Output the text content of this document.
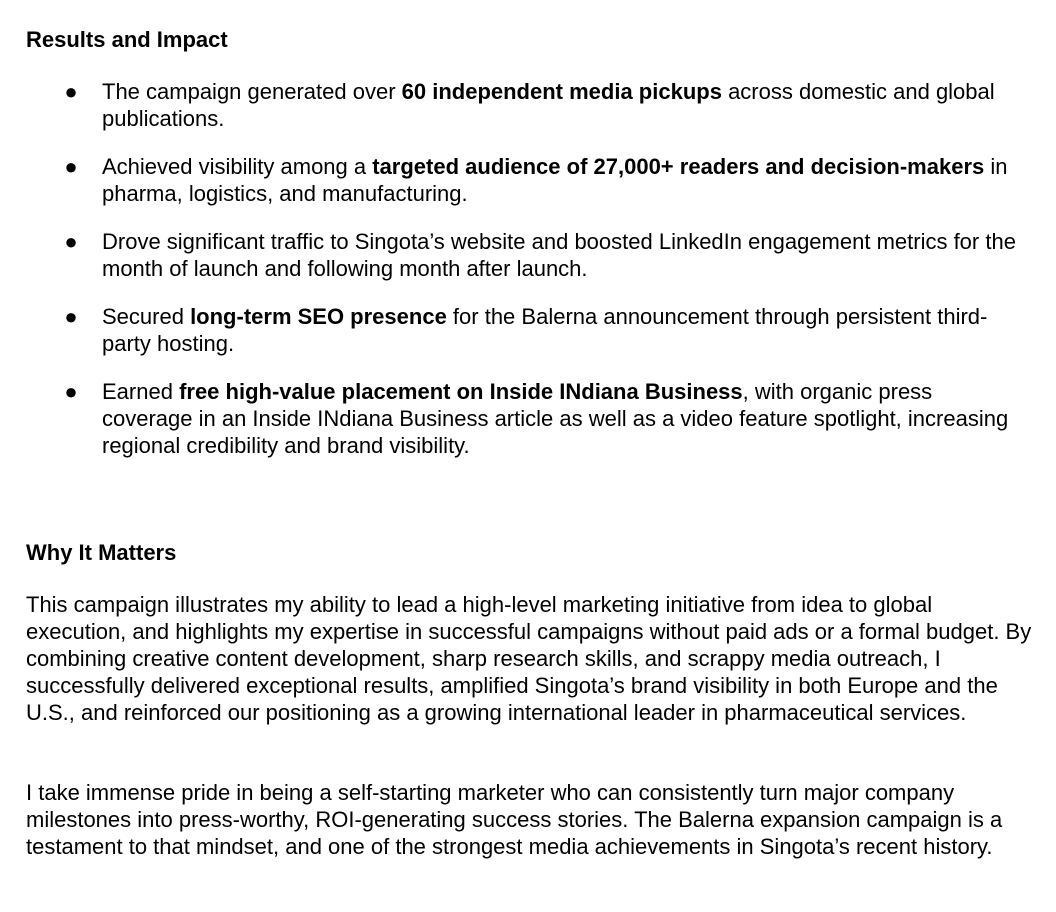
Results and Impact
● The campaign generated over 60 independent media pickups across domestic and global publications.
● Achieved visibility among a targeted audience of 27,000+ readers and decision-makers in pharma, logistics, and manufacturing.
● Drove significant traffic to Singota’s website and boosted LinkedIn engagement metrics for the month of launch and following month after launch.
● Secured long-term SEO presence for the Balerna announcement through persistent third-party hosting.
● Earned free high-value placement on Inside INdiana Business, with organic press coverage in an Inside INdiana Business article as well as a video feature spotlight, increasing regional credibility and brand visibility.
Why It Matters

This campaign illustrates my ability to lead a high-level marketing initiative from idea to global execution, and highlights my expertise in successful campaigns without paid ads or a formal budget. By combining creative content development, sharp research skills, and scrappy media outreach, I successfully delivered exceptional results, amplified Singota’s brand visibility in both Europe and the U.S., and reinforced our positioning as a growing international leader in pharmaceutical services.

I take immense pride in being a self-starting marketer who can consistently turn major company milestones into press-worthy, ROI-generating success stories. The Balerna expansion campaign is a testament to that mindset, and one of the strongest media achievements in Singota’s recent history.
